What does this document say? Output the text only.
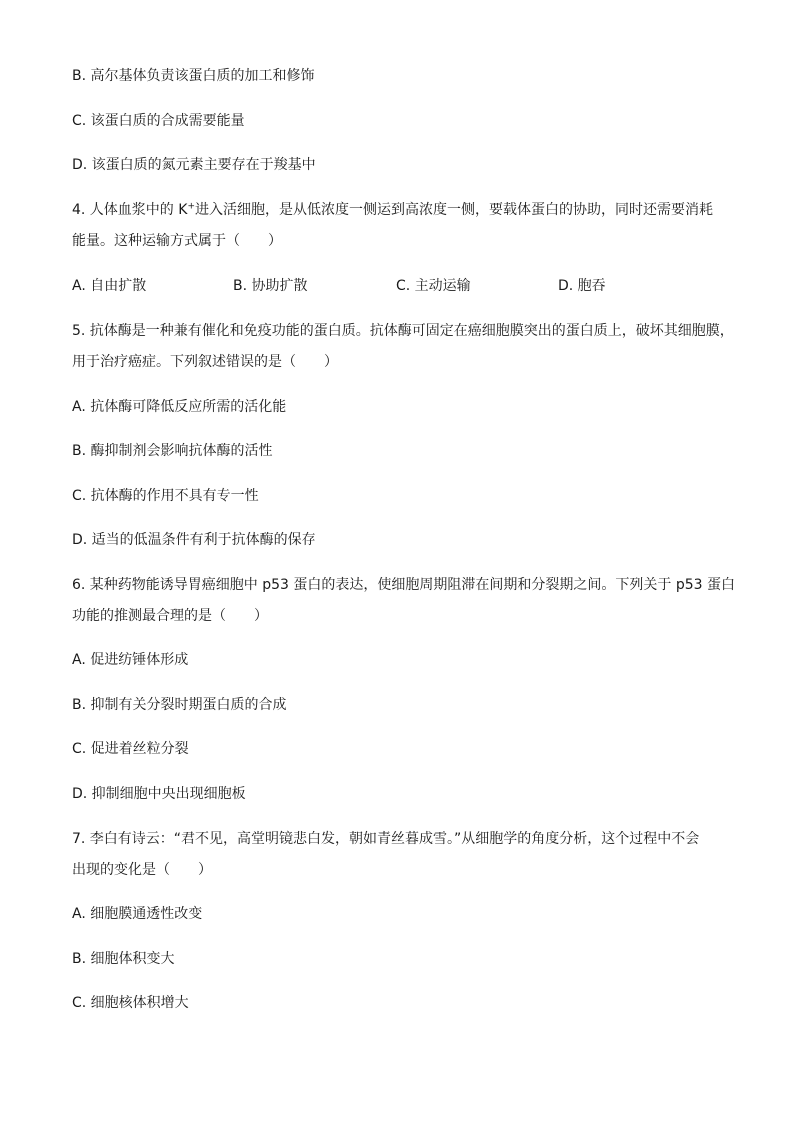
B. 高尔基体负责该蛋白质的加工和修饰
C. 该蛋白质的合成需要能量
D. 该蛋白质的氮元素主要存在于羧基中
4. 人体血浆中的 K+进入活细胞，是从低浓度一侧运到高浓度一侧，要载体蛋白的协助，同时还需要消耗
能量。这种运输方式属于（　　）
A. 自由扩散	B. 协助扩散	C. 主动运输	D. 胞吞
5. 抗体酶是一种兼有催化和免疫功能的蛋白质。抗体酶可固定在癌细胞膜突出的蛋白质上，破坏其细胞膜，
用于治疗癌症。下列叙述错误的是（　　）
A. 抗体酶可降低反应所需的活化能
B. 酶抑制剂会影响抗体酶的活性
C. 抗体酶的作用不具有专一性
D. 适当的低温条件有利于抗体酶的保存
6. 某种药物能诱导胃癌细胞中 p53 蛋白的表达，使细胞周期阻滞在间期和分裂期之间。下列关于 p53 蛋白
功能的推测最合理的是（　　）
A. 促进纺锤体形成
B. 抑制有关分裂时期蛋白质的合成
C. 促进着丝粒分裂
D. 抑制细胞中央出现细胞板
7. 李白有诗云：“君不见，高堂明镜悲白发，朝如青丝暮成雪。”从细胞学的角度分析，这个过程中不会
出现的变化是（　　）
A. 细胞膜通透性改变
B. 细胞体积变大
C. 细胞核体积增大
